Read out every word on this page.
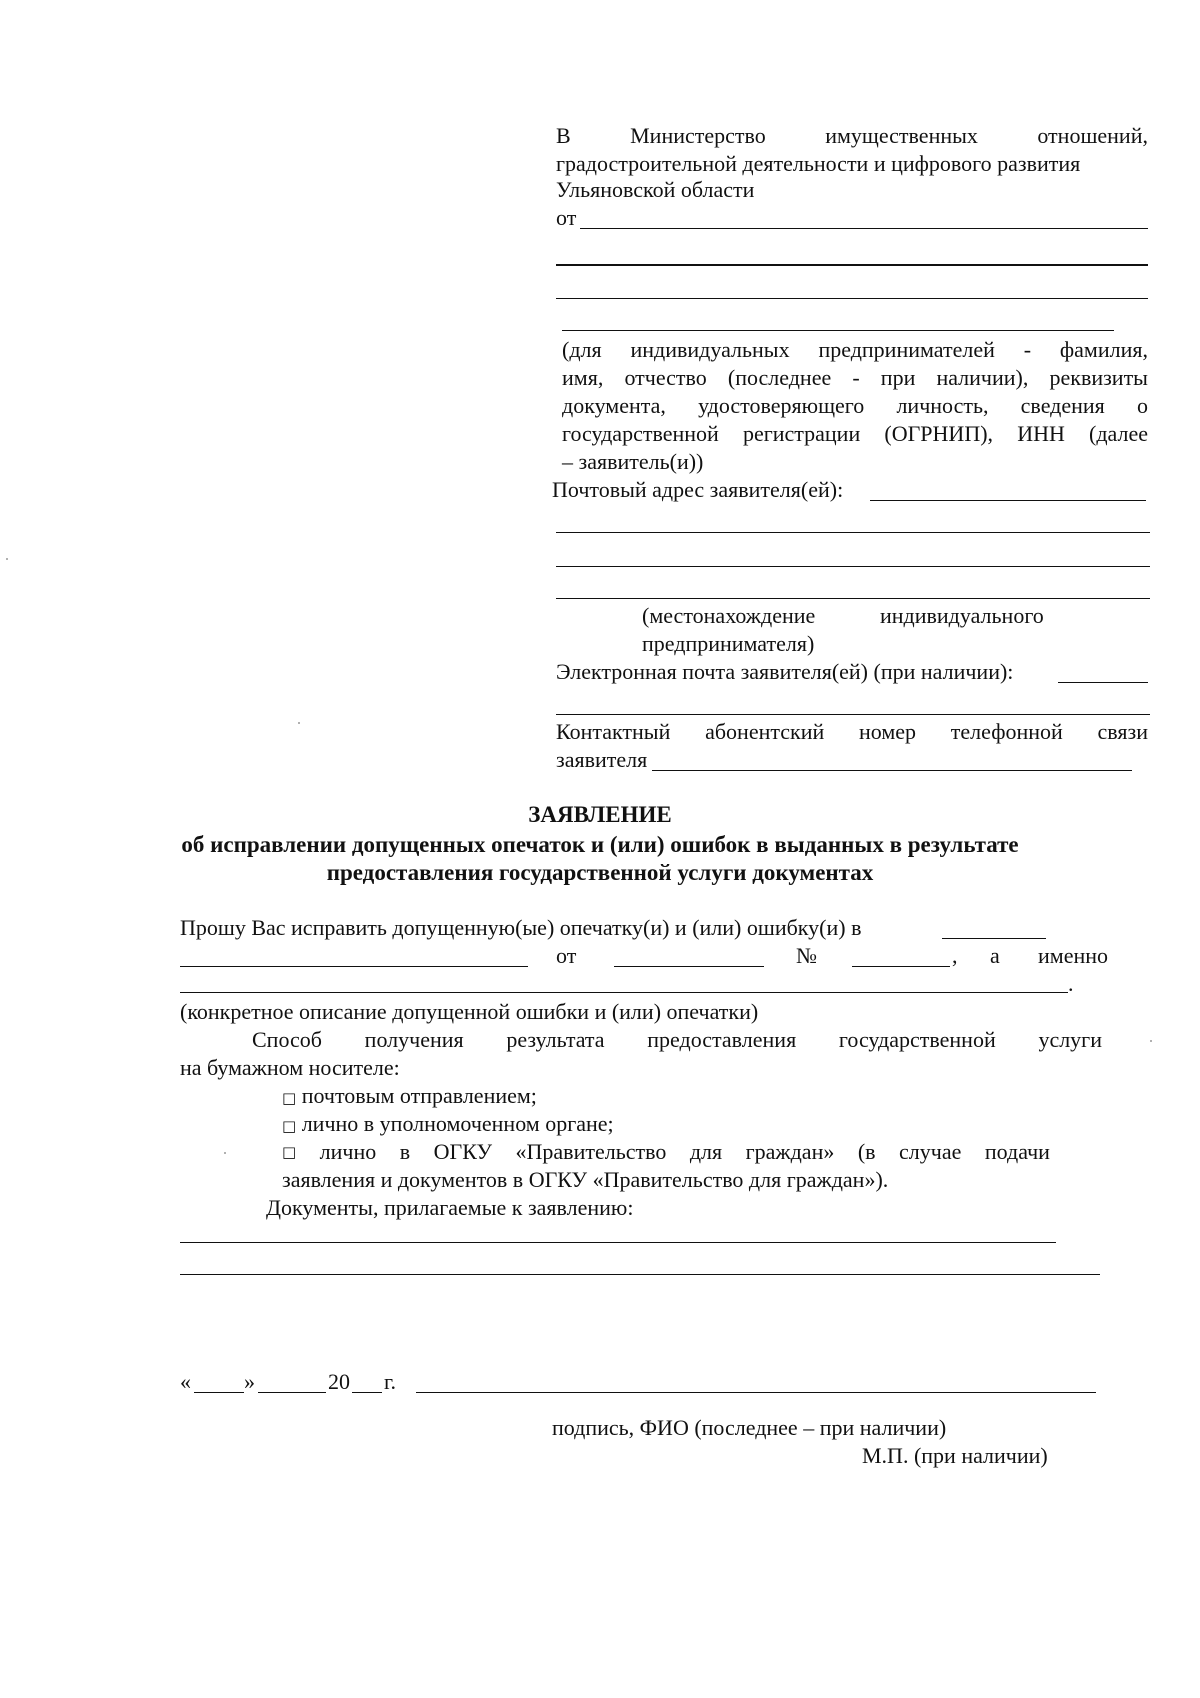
В	Министерство	имущественных	отношений,
градостроительной деятельности и цифрового развития
Ульяновской области
от
(для индивидуальных предпринимателей - фамилия,
имя, отчество (последнее - при наличии), реквизиты
документа, удостоверяющего личность, сведения о
государственной регистрации (ОГРНИП), ИНН (далее
– заявитель(и))
Почтовый адрес заявителя(ей):
(местонахождение	индивидуального
предпринимателя)
Электронная почта заявителя(ей) (при наличии):
Контактный абонентский номер телефонной связи
заявителя
ЗАЯВЛЕНИЕ
об исправлении допущенных опечаток и (или) ошибок в выданных в результате
предоставления государственной услуги документах
Прошу Вас исправить допущенную(ые) опечатку(и) и (или) ошибку(и) в
от	№	, а именно
.
(конкретное описание допущенной ошибки и (или) опечатки)
Способ получения результата предоставления государственной услуги
на бумажном носителе:
□ почтовым отправлением;
□ лично в уполномоченном органе;
□ лично в ОГКУ «Правительство для граждан» (в случае подачи
заявления и документов в ОГКУ «Правительство для граждан»).
Документы, прилагаемые к заявлению:
« »	20 г.
подпись, ФИО (последнее – при наличии)
М.П. (при наличии)
